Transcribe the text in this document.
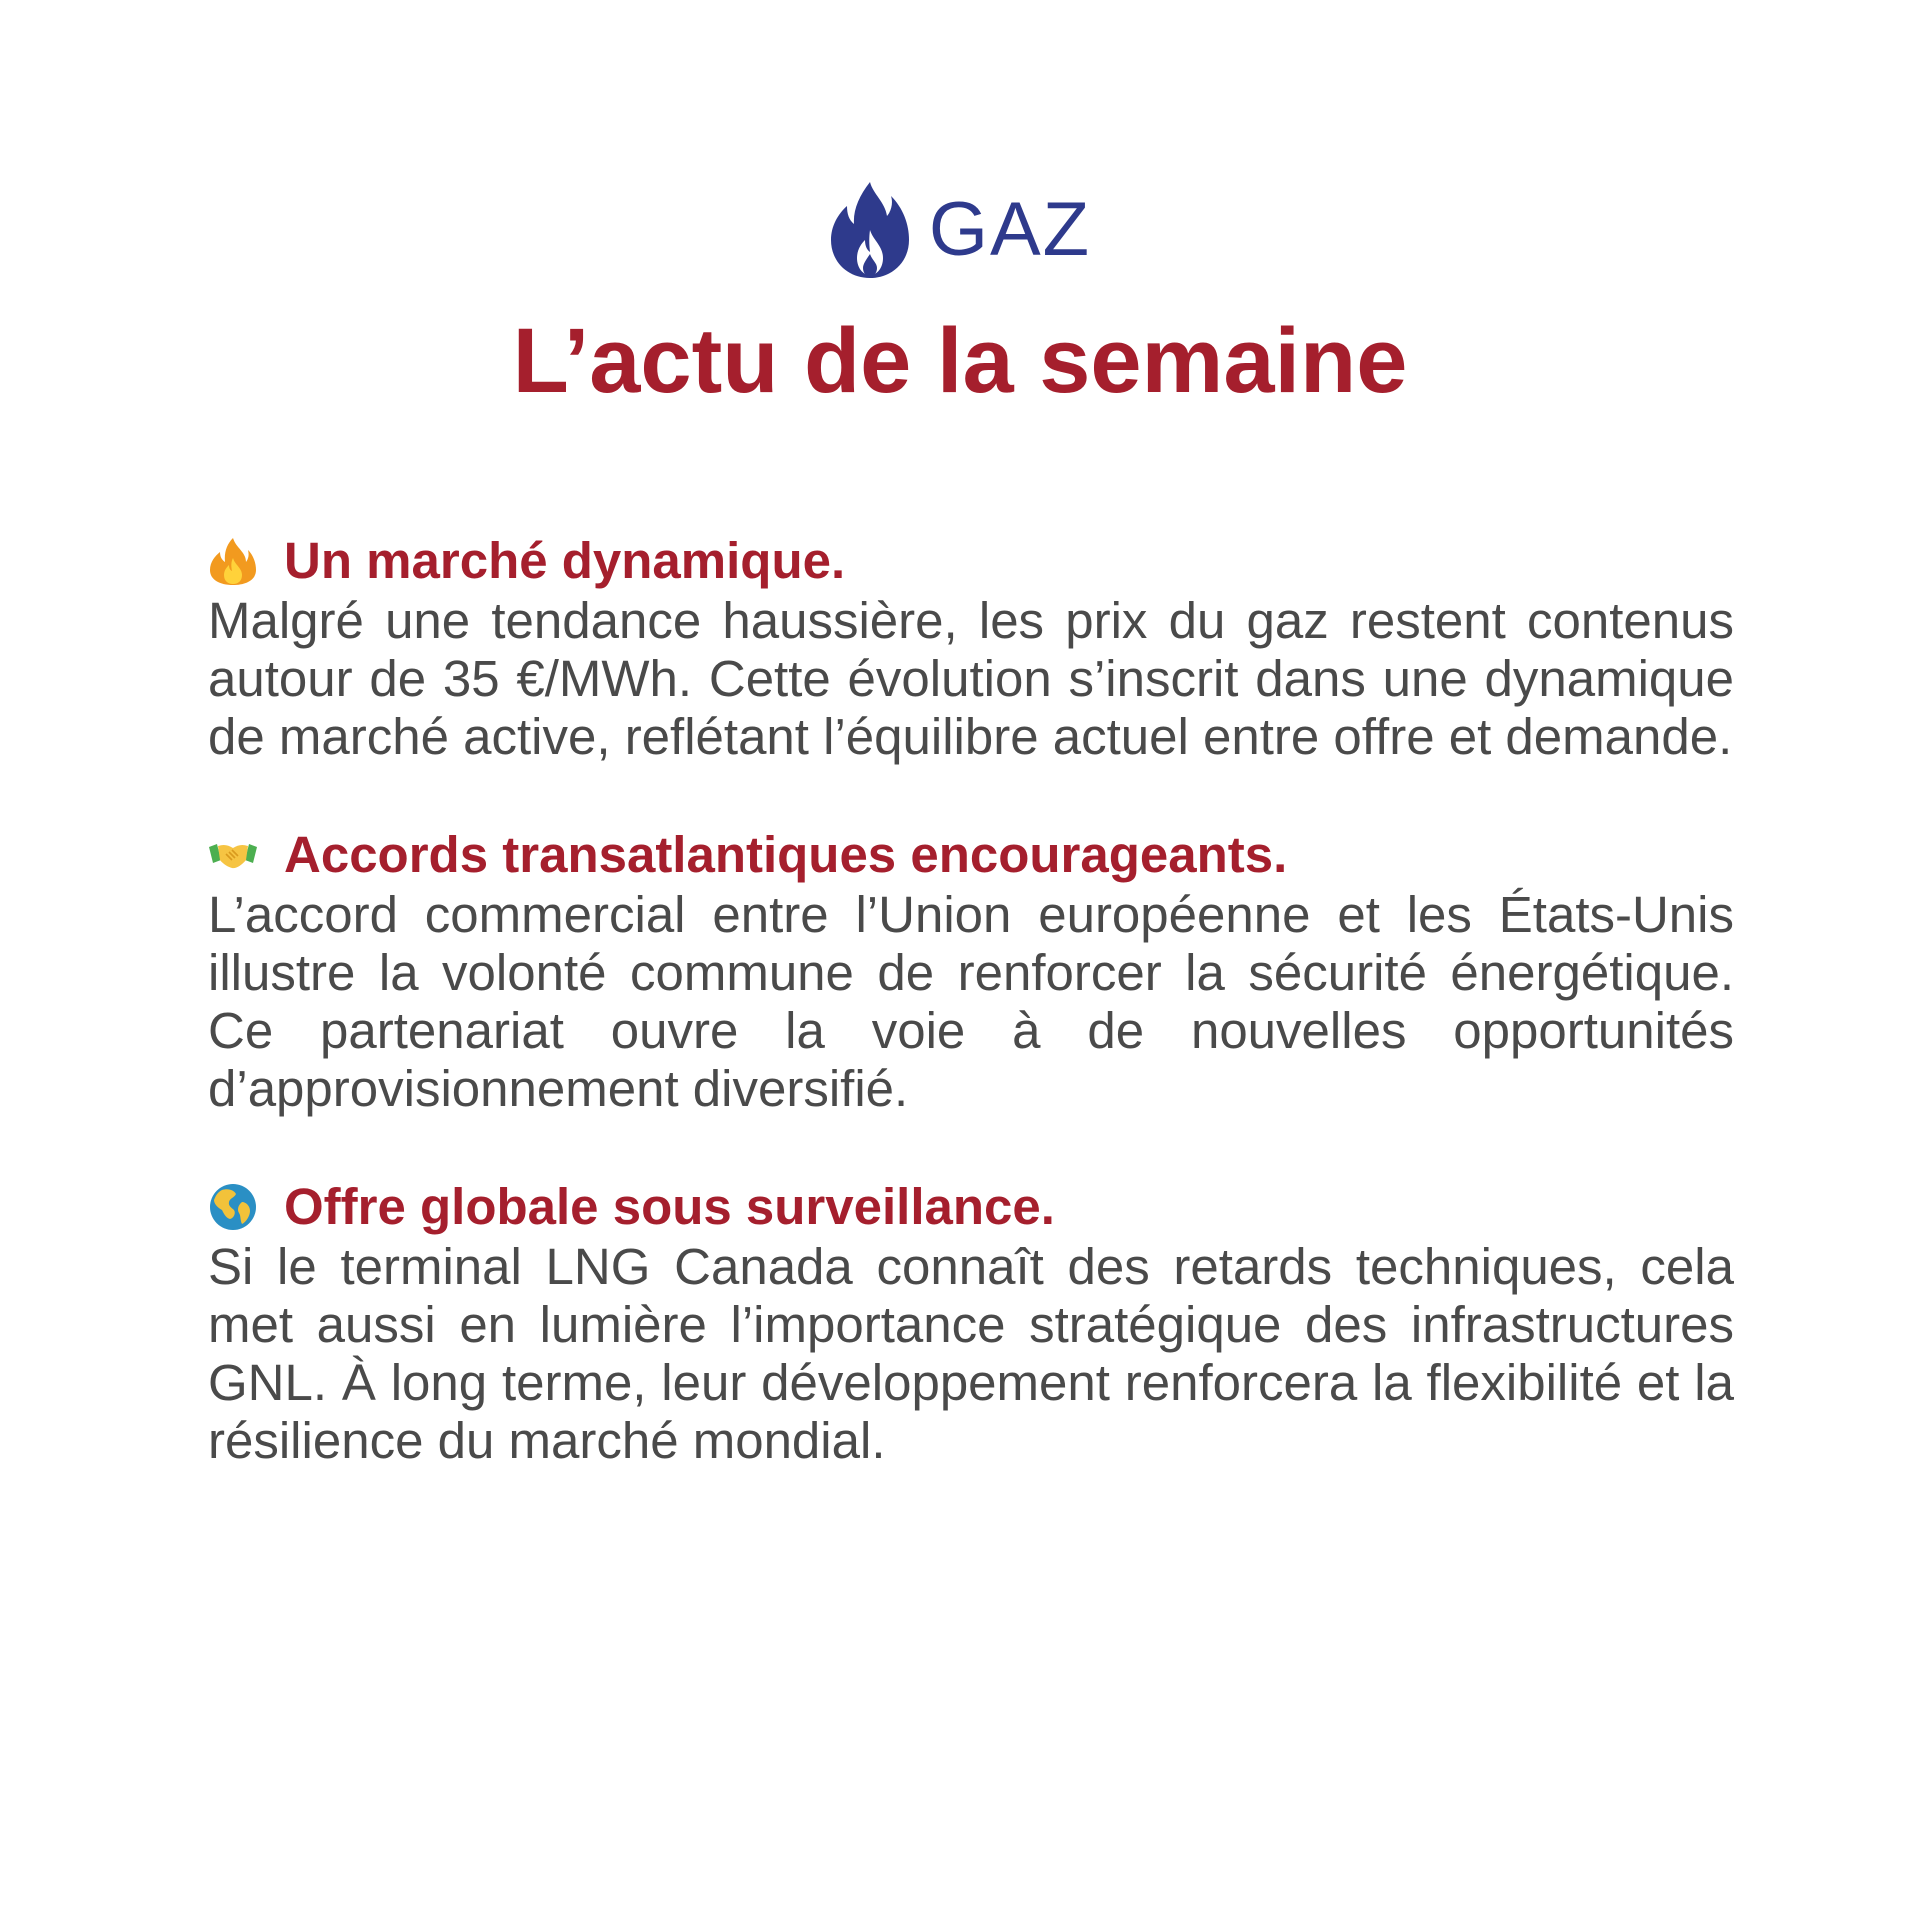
GAZ
L’actu de la semaine
Un marché dynamique.

Malgré une tendance haussière, les prix du gaz restent contenus autour de 35 €/MWh. Cette évolution s’inscrit dans une dynamique de marché active, reflétant l’équilibre actuel entre offre et demande.

Accords transatlantiques encourageants.

L’accord commercial entre l’Union européenne et les États-Unis illustre la volonté commune de renforcer la sécurité énergétique. Ce partenariat ouvre la voie à de nouvelles opportunités d’approvisionnement diversifié.

Offre globale sous surveillance.

Si le terminal LNG Canada connaît des retards techniques, cela met aussi en lumière l’importance stratégique des infrastructures GNL. À long terme, leur développement renforcera la flexibilité et la résilience du marché mondial.
